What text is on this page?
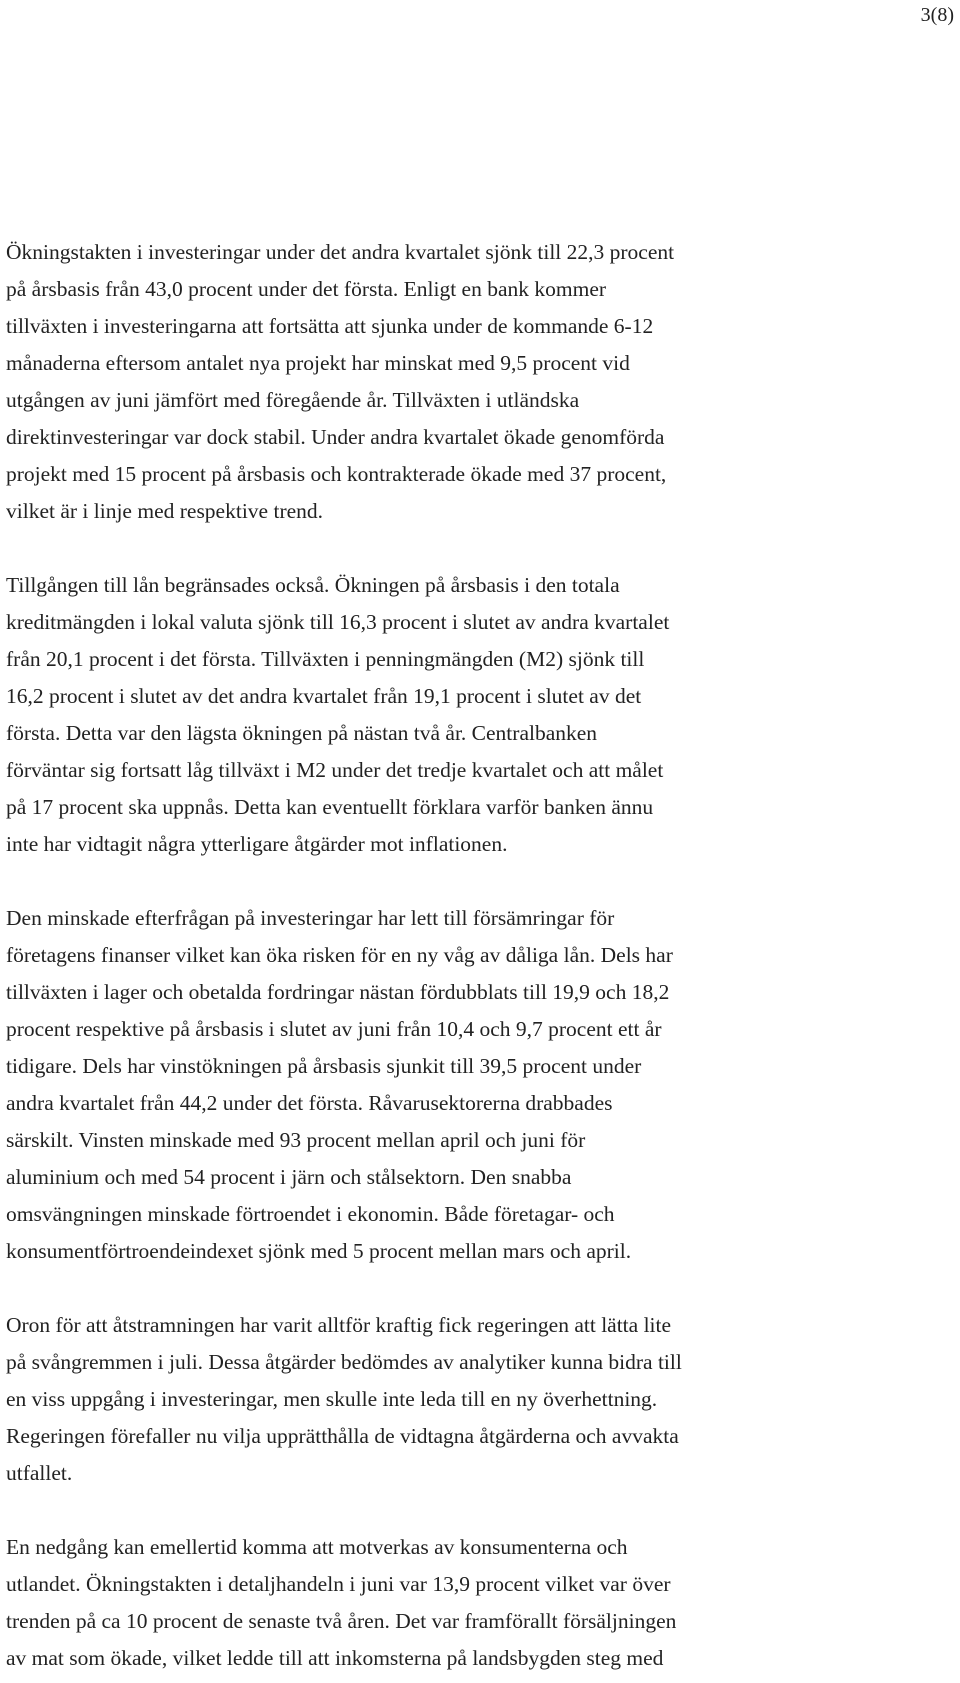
3(8)

Ökningstakten i investeringar under det andra kvartalet sjönk till 22,3 procent
på årsbasis från 43,0 procent under det första. Enligt en bank kommer
tillväxten i investeringarna att fortsätta att sjunka under de kommande 6-12
månaderna eftersom antalet nya projekt har minskat med 9,5 procent vid
utgången av juni jämfört med föregående år. Tillväxten i utländska
direktinvesteringar var dock stabil. Under andra kvartalet ökade genomförda
projekt med 15 procent på årsbasis och kontrakterade ökade med 37 procent,
vilket är i linje med respektive trend.

Tillgången till lån begränsades också. Ökningen på årsbasis i den totala
kreditmängden i lokal valuta sjönk till 16,3 procent i slutet av andra kvartalet
från 20,1 procent i det första. Tillväxten i penningmängden (M2) sjönk till
16,2 procent i slutet av det andra kvartalet från 19,1 procent i slutet av det
första. Detta var den lägsta ökningen på nästan två år. Centralbanken
förväntar sig fortsatt låg tillväxt i M2 under det tredje kvartalet och att målet
på 17 procent ska uppnås. Detta kan eventuellt förklara varför banken ännu
inte har vidtagit några ytterligare åtgärder mot inflationen.

Den minskade efterfrågan på investeringar har lett till försämringar för
företagens finanser vilket kan öka risken för en ny våg av dåliga lån. Dels har
tillväxten i lager och obetalda fordringar nästan fördubblats till 19,9 och 18,2
procent respektive på årsbasis i slutet av juni från 10,4 och 9,7 procent ett år
tidigare. Dels har vinstökningen på årsbasis sjunkit till 39,5 procent under
andra kvartalet från 44,2 under det första. Råvarusektorerna drabbades
särskilt. Vinsten minskade med 93 procent mellan april och juni för
aluminium och med 54 procent i järn och stålsektorn. Den snabba
omsvängningen minskade förtroendet i ekonomin. Både företagar- och
konsumentförtroendeindexet sjönk med 5 procent mellan mars och april.

Oron för att åtstramningen har varit alltför kraftig fick regeringen att lätta lite
på svångremmen i juli. Dessa åtgärder bedömdes av analytiker kunna bidra till
en viss uppgång i investeringar, men skulle inte leda till en ny överhettning.
Regeringen förefaller nu vilja upprätthålla de vidtagna åtgärderna och avvakta
utfallet.

En nedgång kan emellertid komma att motverkas av konsumenterna och
utlandet. Ökningstakten i detaljhandeln i juni var 13,9 procent vilket var över
trenden på ca 10 procent de senaste två åren. Det var framförallt försäljningen
av mat som ökade, vilket ledde till att inkomsterna på landsbygden steg med
